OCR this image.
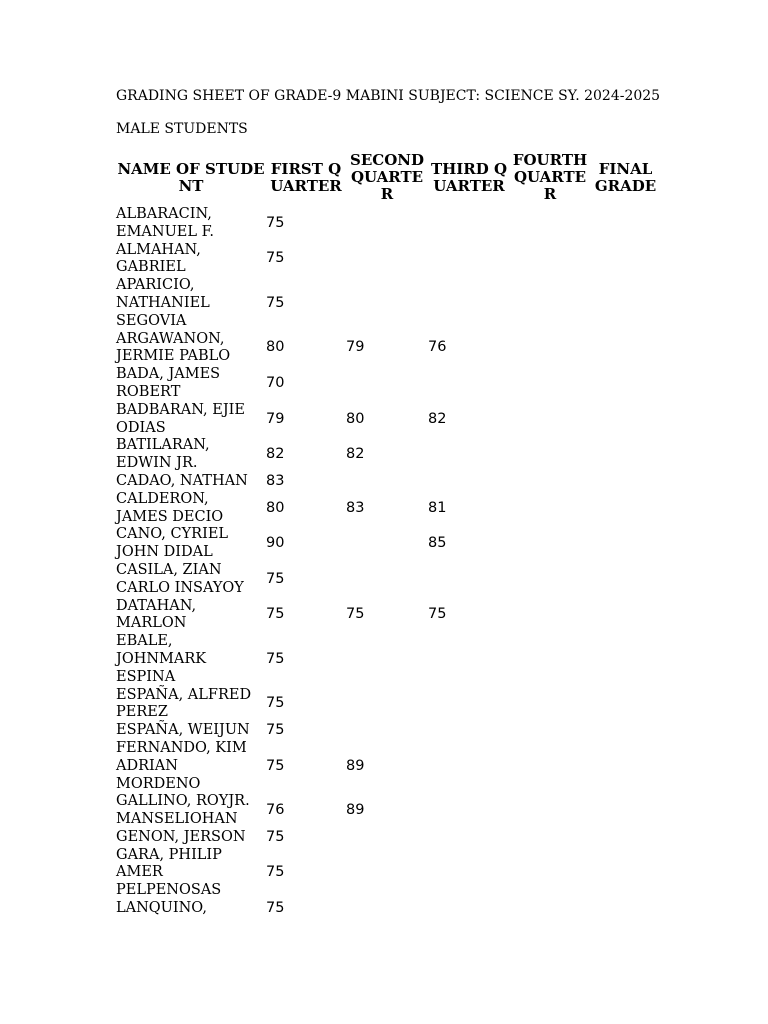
GRADING SHEET OF GRADE-9 MABINI SUBJECT: SCIENCE SY. 2024-2025

MALE STUDENTS

NAME OF STUDENT	FIRST QUARTER	SECOND QUARTER	THIRD QUARTER	FOURTH QUARTER	FINAL GRADE
ALBARACIN, EMANUEL F.	75				
ALMAHAN, GABRIEL	75				
APARICIO, NATHANIEL SEGOVIA	75				
ARGAWANON, JERMIE PABLO	80	79	76		
BADA, JAMES ROBERT	70				
BADBARAN, EJIE ODIAS	79	80	82		
BATILARAN, EDWIN JR.	82	82			
CADAO, NATHAN	83				
CALDERON, JAMES DECIO	80	83	81		
CANO, CYRIEL JOHN DIDAL	90		85		
CASILA, ZIAN CARLO INSAYOY	75				
DATAHAN, MARLON	75	75	75		
EBALE, JOHNMARK ESPINA	75				
ESPAÑA, ALFRED PEREZ	75				
ESPAÑA, WEIJUN	75				
FERNANDO, KIM ADRIAN MORDENO	75	89			
GALLINO, ROYJR. MANSELIOHAN	76	89			
GENON, JERSON	75				
GARA, PHILIP AMER PELPENOSAS	75				
LANQUINO,	75				
